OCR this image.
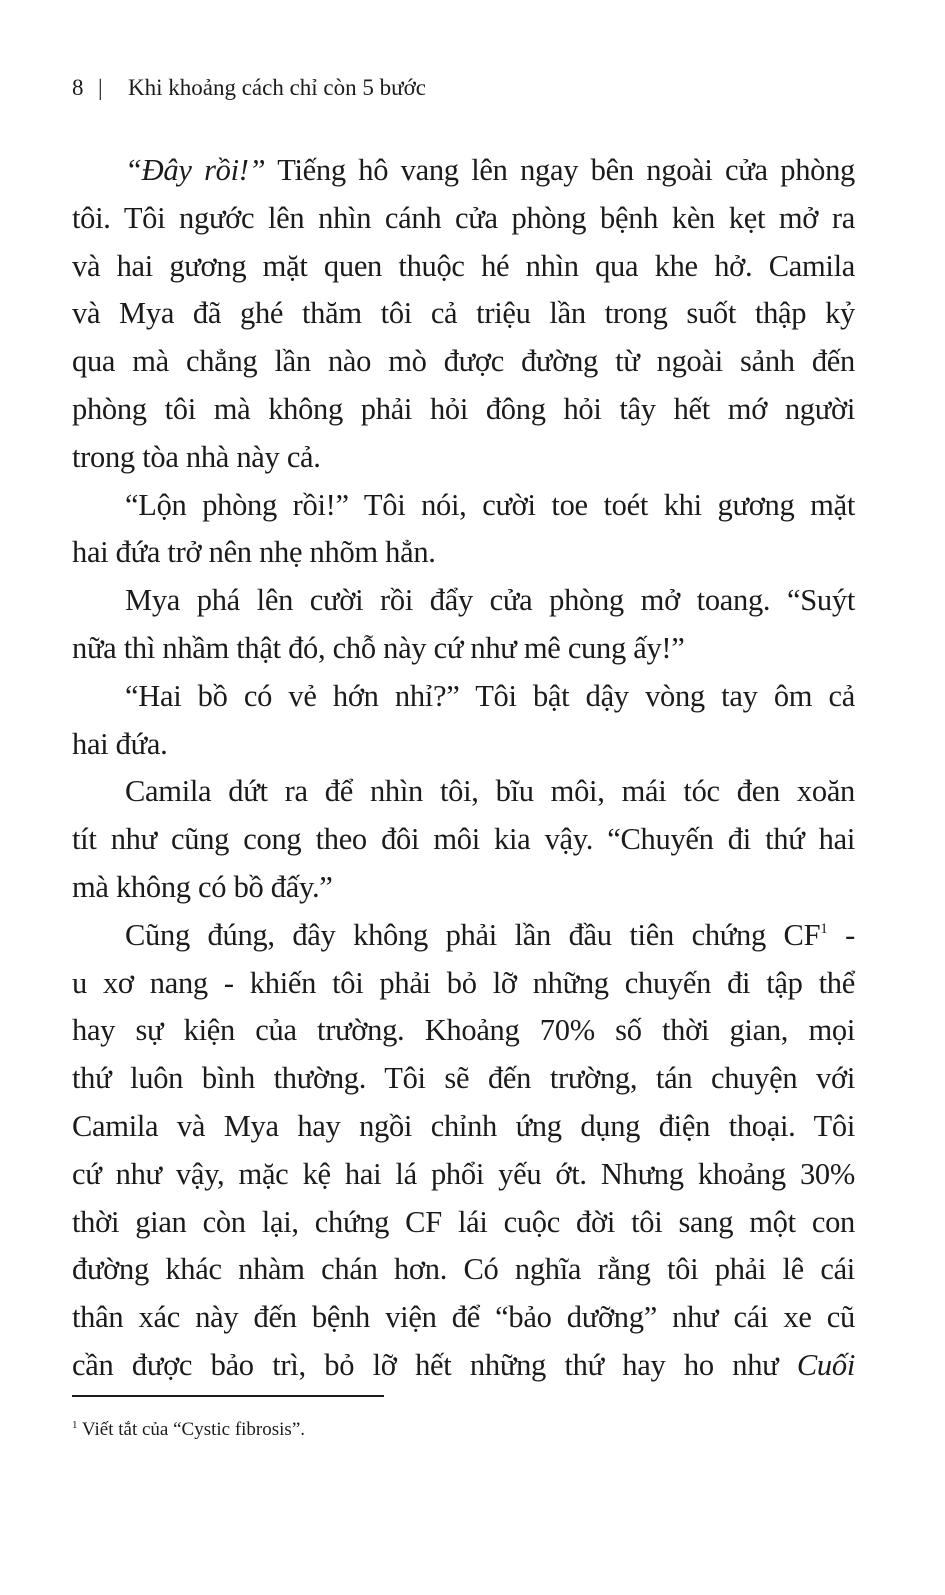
8 | Khi khoảng cách chỉ còn 5 bước
“Đây rồi!” Tiếng hô vang lên ngay bên ngoài cửa phòng
tôi. Tôi ngước lên nhìn cánh cửa phòng bệnh kèn kẹt mở ra
và hai gương mặt quen thuộc hé nhìn qua khe hở. Camila
và Mya đã ghé thăm tôi cả triệu lần trong suốt thập kỷ
qua mà chẳng lần nào mò được đường từ ngoài sảnh đến
phòng tôi mà không phải hỏi đông hỏi tây hết mớ người
trong tòa nhà này cả.
“Lộn phòng rồi!” Tôi nói, cười toe toét khi gương mặt
hai đứa trở nên nhẹ nhõm hẳn.
Mya phá lên cười rồi đẩy cửa phòng mở toang. “Suýt
nữa thì nhầm thật đó, chỗ này cứ như mê cung ấy!”
“Hai bồ có vẻ hớn nhỉ?” Tôi bật dậy vòng tay ôm cả
hai đứa.
Camila dứt ra để nhìn tôi, bĩu môi, mái tóc đen xoăn
tít như cũng cong theo đôi môi kia vậy. “Chuyến đi thứ hai
mà không có bồ đấy.”
Cũng đúng, đây không phải lần đầu tiên chứng $CF^1$ -
u xơ nang - khiến tôi phải bỏ lỡ những chuyến đi tập thể
hay sự kiện của trường. Khoảng 70% số thời gian, mọi
thứ luôn bình thường. Tôi sẽ đến trường, tán chuyện với
Camila và Mya hay ngồi chỉnh ứng dụng điện thoại. Tôi
cứ như vậy, mặc kệ hai lá phổi yếu ớt. Nhưng khoảng 30%
thời gian còn lại, chứng CF lái cuộc đời tôi sang một con
đường khác nhàm chán hơn. Có nghĩa rằng tôi phải lê cái
thân xác này đến bệnh viện để “bảo dưỡng” như cái xe cũ
cần được bảo trì, bỏ lỡ hết những thứ hay ho như Cuối
$^1$ Viết tắt của “Cystic fibrosis”.
